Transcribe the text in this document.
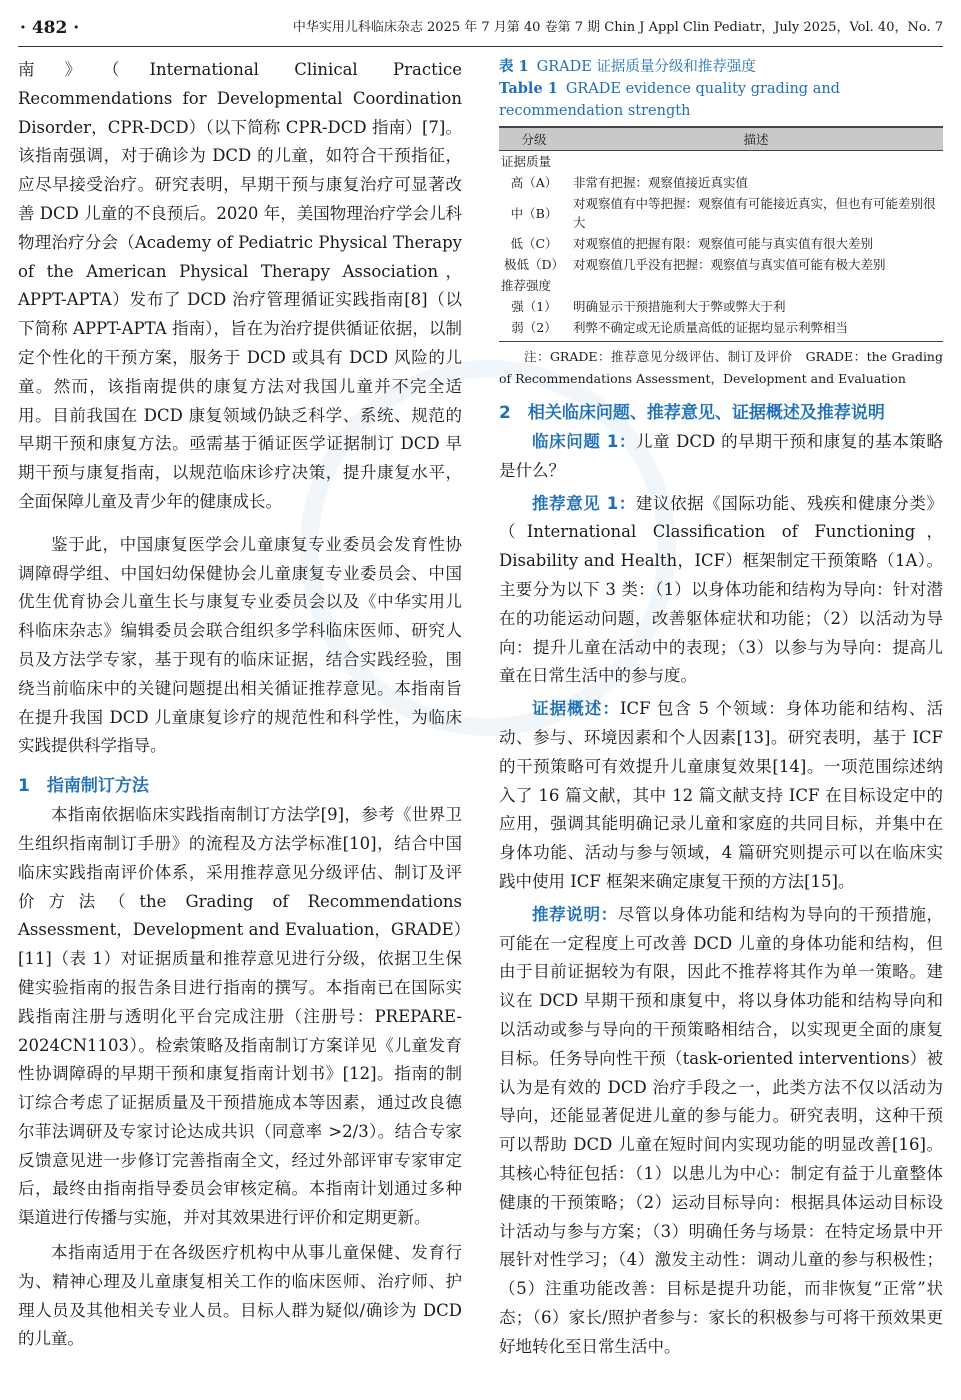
· 482 ·	中华实用儿科临床杂志 2025 年 7 月第 40 卷第 7 期 Chin J Appl Clin Pediatr，July 2025，Vol. 40，No. 7

南》（International Clinical Practice Recommendations for Developmental Coordination Disorder，CPR-DCD）（以下简称 CPR-DCD 指南）[7]。该指南强调，对于确诊为 DCD 的儿童，如符合干预指征，应尽早接受治疗。研究表明，早期干预与康复治疗可显著改善 DCD 儿童的不良预后。2020 年，美国物理治疗学会儿科物理治疗分会（Academy of Pediatric Physical Therapy of the American Physical Therapy Association，APPT-APTA）发布了 DCD 治疗管理循证实践指南[8]（以下简称 APPT-APTA 指南），旨在为治疗提供循证依据，以制定个性化的干预方案，服务于 DCD 或具有 DCD 风险的儿童。然而，该指南提供的康复方法对我国儿童并不完全适用。目前我国在 DCD 康复领域仍缺乏科学、系统、规范的早期干预和康复方法。亟需基于循证医学证据制订 DCD 早期干预与康复指南，以规范临床诊疗决策，提升康复水平，全面保障儿童及青少年的健康成长。

鉴于此，中国康复医学会儿童康复专业委员会发育性协调障碍学组、中国妇幼保健协会儿童康复专业委员会、中国优生优育协会儿童生长与康复专业委员会以及《中华实用儿科临床杂志》编辑委员会联合组织多学科临床医师、研究人员及方法学专家，基于现有的临床证据，结合实践经验，围绕当前临床中的关键问题提出相关循证推荐意见。本指南旨在提升我国 DCD 儿童康复诊疗的规范性和科学性，为临床实践提供科学指导。

1　指南制订方法

本指南依据临床实践指南制订方法学[9]，参考《世界卫生组织指南制订手册》的流程及方法学标准[10]，结合中国临床实践指南评价体系，采用推荐意见分级评估、制订及评价方法（the Grading of Recommendations Assessment，Development and Evaluation，GRADE）[11]（表 1）对证据质量和推荐意见进行分级，依据卫生保健实验指南的报告条目进行指南的撰写。本指南已在国际实践指南注册与透明化平台完成注册（注册号：PREPARE-2024CN1103）。检索策略及指南制订方案详见《儿童发育性协调障碍的早期干预和康复指南计划书》[12]。指南的制订综合考虑了证据质量及干预措施成本等因素，通过改良德尔菲法调研及专家讨论达成共识（同意率 >2/3）。结合专家反馈意见进一步修订完善指南全文，经过外部评审专家审定后，最终由指南指导委员会审核定稿。本指南计划通过多种渠道进行传播与实施，并对其效果进行评价和定期更新。

本指南适用于在各级医疗机构中从事儿童保健、发育行为、精神心理及儿童康复相关工作的临床医师、治疗师、护理人员及其他相关专业人员。目标人群为疑似/确诊为 DCD 的儿童。

表 1 GRADE 证据质量分级和推荐强度

Table 1 GRADE evidence quality grading and recommendation strength

分级	描述
证据质量	
高（A）	非常有把握：观察值接近真实值
中（B）	对观察值有中等把握：观察值有可能接近真实，但也有可能差别很大
低（C）	对观察值的把握有限：观察值可能与真实值有很大差别
极低（D）	对观察值几乎没有把握：观察值与真实值可能有极大差别
推荐强度	
强（1）	明确显示干预措施利大于弊或弊大于利
弱（2）	利弊不确定或无论质量高低的证据均显示利弊相当

注：GRADE：推荐意见分级评估、制订及评价　GRADE：the Grading of Recommendations Assessment，Development and Evaluation

2　相关临床问题、推荐意见、证据概述及推荐说明

临床问题 1：儿童 DCD 的早期干预和康复的基本策略是什么？

推荐意见 1：建议依据《国际功能、残疾和健康分类》（International Classification of Functioning，Disability and Health，ICF）框架制定干预策略（1A）。主要分为以下 3 类：（1）以身体功能和结构为导向：针对潜在的功能运动问题，改善躯体症状和功能；（2）以活动为导向：提升儿童在活动中的表现；（3）以参与为导向：提高儿童在日常生活中的参与度。

证据概述：ICF 包含 5 个领域：身体功能和结构、活动、参与、环境因素和个人因素[13]。研究表明，基于 ICF 的干预策略可有效提升儿童康复效果[14]。一项范围综述纳入了 16 篇文献，其中 12 篇文献支持 ICF 在目标设定中的应用，强调其能明确记录儿童和家庭的共同目标，并集中在身体功能、活动与参与领域，4 篇研究则提示可以在临床实践中使用 ICF 框架来确定康复干预的方法[15]。

推荐说明：尽管以身体功能和结构为导向的干预措施，可能在一定程度上可改善 DCD 儿童的身体功能和结构，但由于目前证据较为有限，因此不推荐将其作为单一策略。建议在 DCD 早期干预和康复中，将以身体功能和结构导向和以活动或参与导向的干预策略相结合，以实现更全面的康复目标。任务导向性干预（task-oriented interventions）被认为是有效的 DCD 治疗手段之一，此类方法不仅以活动为导向，还能显著促进儿童的参与能力。研究表明，这种干预可以帮助 DCD 儿童在短时间内实现功能的明显改善[16]。其核心特征包括：（1）以患儿为中心：制定有益于儿童整体健康的干预策略；（2）运动目标导向：根据具体运动目标设计活动与参与方案；（3）明确任务与场景：在特定场景中开展针对性学习；（4）激发主动性：调动儿童的参与积极性；（5）注重功能改善：目标是提升功能，而非恢复“正常”状态；（6）家长/照护者参与：家长的积极参与可将干预效果更好地转化至日常生活中。
